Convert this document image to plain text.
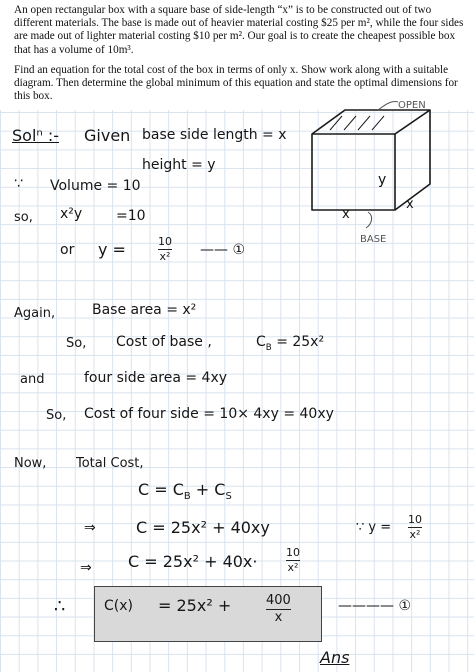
An open rectangular box with a square base of side-length “x” is to be constructed out of two different materials. The base is made out of heavier material costing $25 per m², while the four sides are made out of lighter material costing $10 per m². Our goal is to create the cheapest possible box that has a volume of 10m³.

Find an equation for the total cost of the box in terms of only x. Show work along with a suitable diagram. Then determine the global minimum of this equation and state the optimal dimensions for this box.

OPEN
y
x
x
BASE
Solⁿ :- Given base side length = x
height = y
∵ Volume = 10
so, x²y =10
or y =	$\frac{10}{\text{x²}}$ —— ①
Again,	Base area = x²
So, Cost of base ,	$C_B = 25x^2$
and	four side area = 4xy
So, Cost of four side = 10× 4xy = 40xy
Now, Total Cost,
$C = C_B + C_S$
⇒	C = 25x² + 40xy	∵ $y = \frac{10}{\text{x²}}$
⇒ C = 25x² + 40x·	$\frac{10}{\text{x²}}$
∴	C(x) = 25x² +	$\frac{400}{x}$	———— ①
Ans
